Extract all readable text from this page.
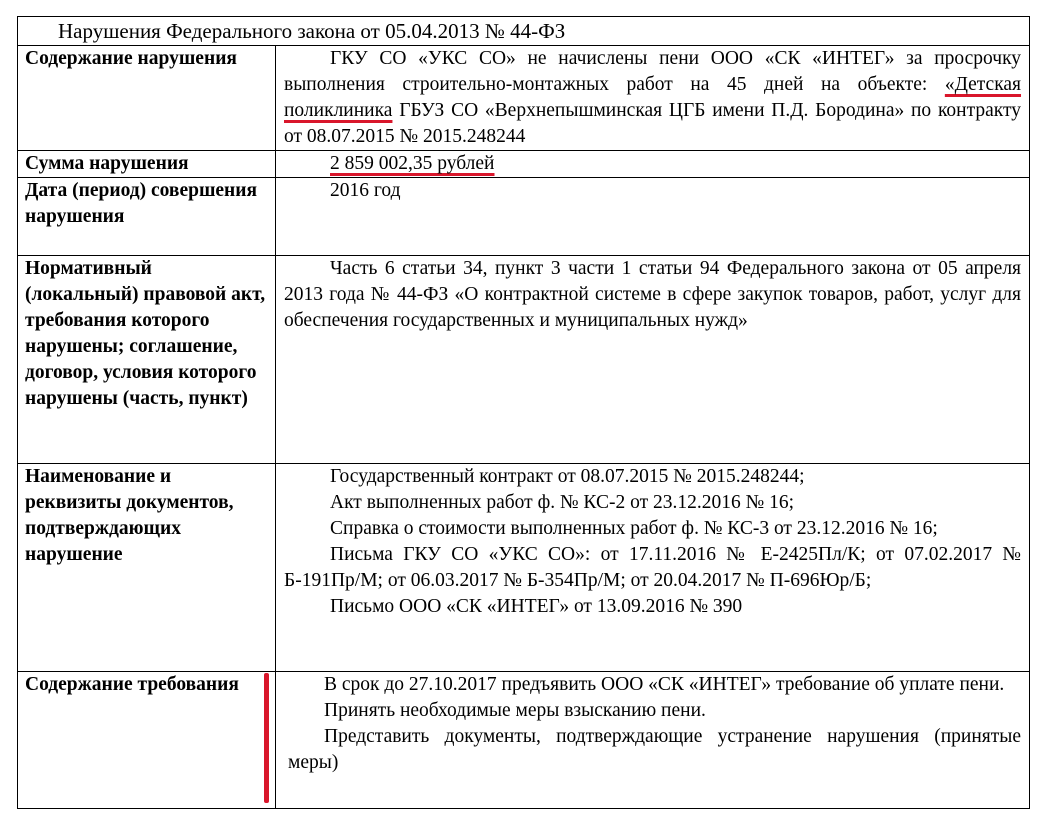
Нарушения Федерального закона от 05.04.2013 № 44-ФЗ	
Содержание нарушения	ГКУ СО «УКС СО» не начислены пени ООО «СК «ИНТЕГ» за просрочку выполнения строительно-монтажных работ на 45 дней на объекте: «Детская поликлиника ГБУЗ СО «Верхнепышминская ЦГБ имени П.Д. Бородина» по контракту от 08.07.2015 № 2015.248244

Сумма нарушения	2 859 002,35 рублей

Дата (период) совершения нарушения	2016 год

Нормативный (локальный) правовой акт, требования которого нарушены; соглашение, договор, условия которого нарушены (часть, пункт)	Часть 6 статьи 34, пункт 3 части 1 статьи 94 Федерального закона от 05 апреля 2013 года № 44-ФЗ «О контрактной системе в сфере закупок товаров, работ, услуг для обеспечения государственных и муниципальных нужд»

Наименование и реквизиты документов, подтверждающих нарушение	Государственный контракт от 08.07.2015 № 2015.248244;

Акт выполненных работ ф. № КС-2 от 23.12.2016 № 16;

Справка о стоимости выполненных работ ф. № КС-3 от 23.12.2016 № 16;

Письма ГКУ СО «УКС СО»: от 17.11.2016 № Е-2425Пл/К; от 07.02.2017 № Б-191Пр/М; от 06.03.2017 № Б-354Пр/М; от 20.04.2017 № П-696Юр/Б;

Письмо ООО «СК «ИНТЕГ» от 13.09.2016 № 390

Содержание требования	В срок до 27.10.2017 предъявить ООО «СК «ИНТЕГ» требование об уплате пени.

Принять необходимые меры взысканию пени.

Представить документы, подтверждающие устранение нарушения (принятые меры)
